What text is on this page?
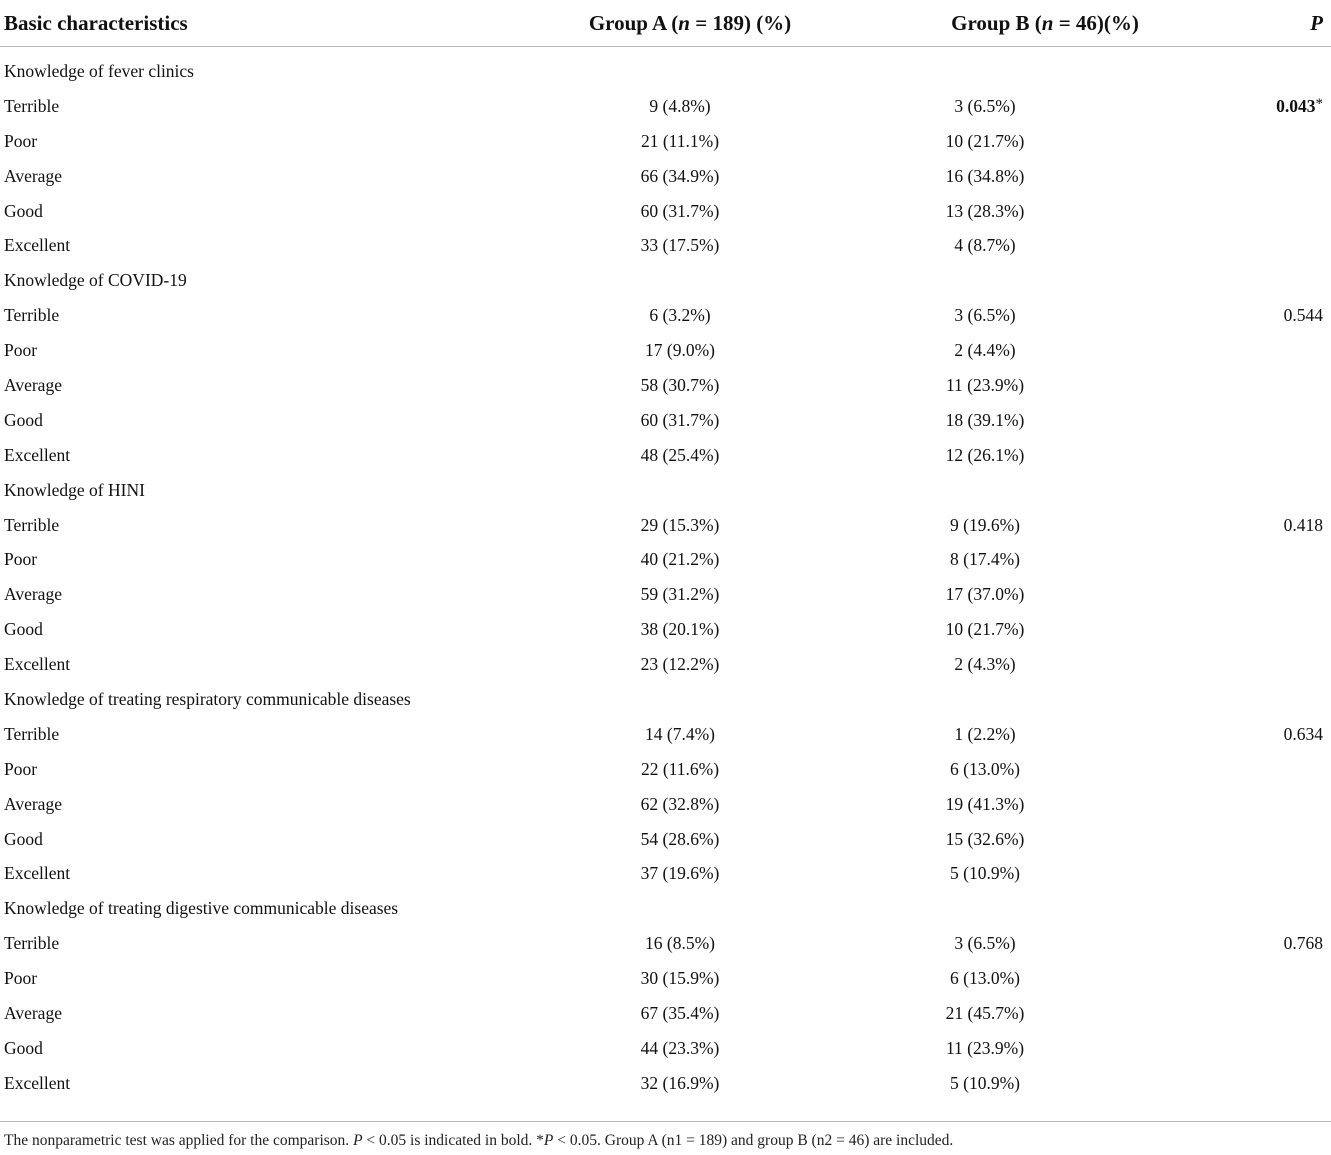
Basic characteristics	Group A (n = 189) (%)	Group B (n = 46)(%)	P
Knowledge of fever clinics			
Terrible	9 (4.8%)	3 (6.5%)	0.043*
Poor	21 (11.1%)	10 (21.7%)	
Average	66 (34.9%)	16 (34.8%)	
Good	60 (31.7%)	13 (28.3%)	
Excellent	33 (17.5%)	4 (8.7%)	
Knowledge of COVID-19			
Terrible	6 (3.2%)	3 (6.5%)	0.544
Poor	17 (9.0%)	2 (4.4%)	
Average	58 (30.7%)	11 (23.9%)	
Good	60 (31.7%)	18 (39.1%)	
Excellent	48 (25.4%)	12 (26.1%)	
Knowledge of HINI			
Terrible	29 (15.3%)	9 (19.6%)	0.418
Poor	40 (21.2%)	8 (17.4%)	
Average	59 (31.2%)	17 (37.0%)	
Good	38 (20.1%)	10 (21.7%)	
Excellent	23 (12.2%)	2 (4.3%)	
Knowledge of treating respiratory communicable diseases			
Terrible	14 (7.4%)	1 (2.2%)	0.634
Poor	22 (11.6%)	6 (13.0%)	
Average	62 (32.8%)	19 (41.3%)	
Good	54 (28.6%)	15 (32.6%)	
Excellent	37 (19.6%)	5 (10.9%)	
Knowledge of treating digestive communicable diseases			
Terrible	16 (8.5%)	3 (6.5%)	0.768
Poor	30 (15.9%)	6 (13.0%)	
Average	67 (35.4%)	21 (45.7%)	
Good	44 (23.3%)	11 (23.9%)	
Excellent	32 (16.9%)	5 (10.9%)	
The nonparametric test was applied for the comparison. P < 0.05 is indicated in bold. *P < 0.05. Group A (n1 = 189) and group B (n2 = 46) are included.
